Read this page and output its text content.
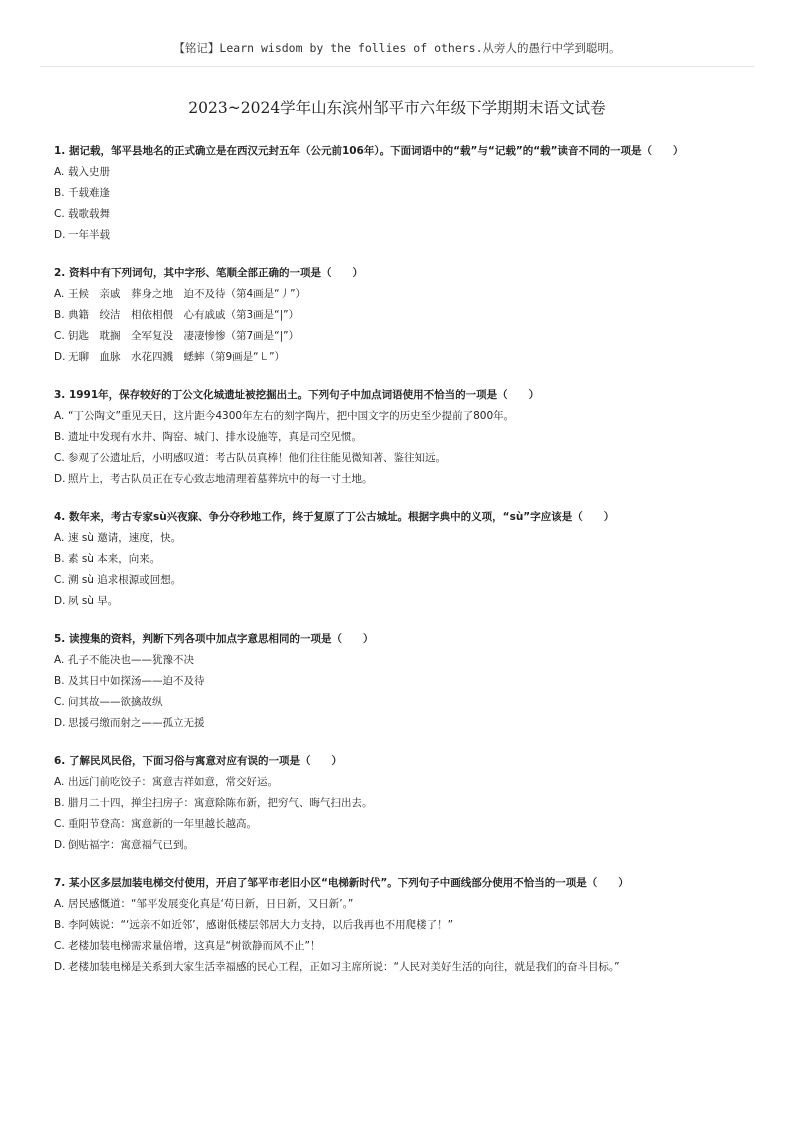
【铭记】Learn wisdom by the follies of others.从旁人的愚行中学到聪明。
2023~2024学年山东滨州邹平市六年级下学期期末语文试卷
1. 据记载，邹平县地名的正式确立是在西汉元封五年（公元前106年）。下面词语中的“载”与“记载”的“载”读音不同的一项是（　　）
A. 载入史册
B. 千载难逢
C. 载歌载舞
D. 一年半载
2. 资料中有下列词句，其中字形、笔顺全部正确的一项是（　　）
A. 王候　亲戚　葬身之地　迫不及待（第4画是“丿”）
B. 典籍　绞洁　相依相偎　心有戚戚（第3画是“|”）
C. 钥匙　耽搁　全军复没　凄凄惨惨（第7画是“|”）
D. 无聊　血脉　水花四溅　蟋蟀（第9画是“㇄”）
3. 1991年，保存较好的丁公文化城遗址被挖掘出土。下列句子中加点词语使用不恰当的一项是（　　）
A. “丁公陶文”重见天日，这片距今4300年左右的刻字陶片，把中国文字的历史至少提前了800年。
B. 遗址中发现有水井、陶窑、城门、排水设施等，真是司空见惯。
C. 参观了公遗址后，小明感叹道：考古队员真棒！他们往往能见微知著、鉴往知远。
D. 照片上，考古队员正在专心致志地清理着墓葬坑中的每一寸土地。
4. 数年来，考古专家sù兴夜寐、争分夺秒地工作，终于复原了丁公古城址。根据字典中的义项，“sù”字应该是（　　）
A. 速 sù 邀请，速度，快。
B. 素 sù 本来，向来。
C. 溯 sù 追求根源或回想。
D. 夙 sù 早。
5. 读搜集的资料，判断下列各项中加点字意思相同的一项是（　　）
A. 孔子不能决也——犹豫不决
B. 及其日中如探汤——迫不及待
C. 问其故——欲擒故纵
D. 思援弓缴而射之——孤立无援
6. 了解民风民俗，下面习俗与寓意对应有误的一项是（　　）
A. 出远门前吃饺子：寓意吉祥如意，常交好运。
B. 腊月二十四，掸尘扫房子：寓意除陈布新，把穷气、晦气扫出去。
C. 重阳节登高：寓意新的一年里越长越高。
D. 倒贴福字：寓意福气已到。
7. 某小区多层加装电梯交付使用，开启了邹平市老旧小区“电梯新时代”。下列句子中画线部分使用不恰当的一项是（　　）
A. 居民感慨道：“邹平发展变化真是‘苟日新，日日新，又日新’。”
B. 李阿姨说：“‘远亲不如近邻’，感谢低楼层邻居大力支持，以后我再也不用爬楼了！”
C. 老楼加装电梯需求量倍增，这真是“树欲静而风不止”！
D. 老楼加装电梯是关系到大家生活幸福感的民心工程，正如习主席所说：“人民对美好生活的向往，就是我们的奋斗目标。”
